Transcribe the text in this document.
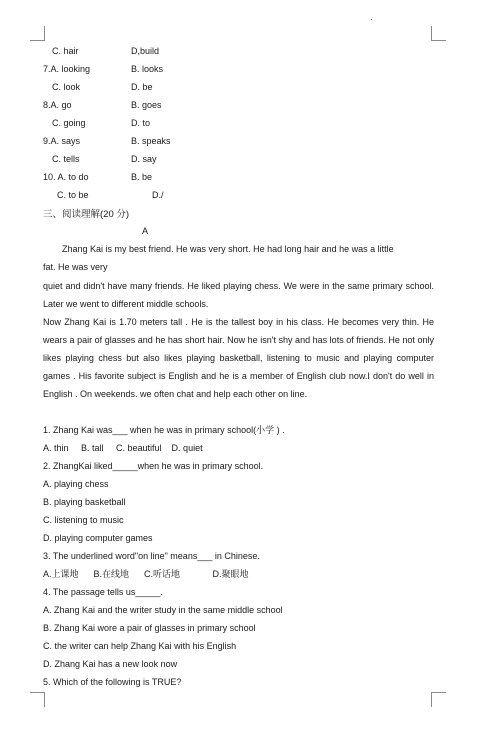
C. hair	D,build
7.A. looking	B. looks
C. look	D. be
8.A. go	B. goes
C. going	D. to
9.A. says	B. speaks
C. tells	D. say
10. A. to do	B. be
C. to be	D./
三、阅读理解(20 分)
A
Zhang Kai is my best friend. He was very short. He had long hair and he was a little
fat. He was very
quiet and didn't have many friends. He liked playing chess. We were in the same primary school. Later we went to different middle schools.
Now Zhang Kai is 1.70 meters tall . He is the tallest boy in his class. He becomes very thin. He wears a pair of glasses and he has short hair. Now he isn't shy and has lots of friends. He not only likes playing chess but also likes playing basketball, listening to music and playing computer games . His favorite subject is English and he is a member of English club now.I don't do well in English . On weekends. we often chat and help each other on line.
1. Zhang Kai was___ when he was in primary school(小学 ) .
A. thin     B. tall     C. beautiful    D. quiet
2. ZhangKai liked_____when he was in primary school.
A. playing chess
B. playing basketball
C. listening to music
D. playing computer games
3. The underlined word"on line" means___ in Chinese.
A.上课地      B.在线地      C.听话地             D.聚眼地
4. The passage tells us_____.
A. Zhang Kai and the writer study in the same middle school
B. Zhang Kai wore a pair of glasses in primary school
C. the writer can help Zhang Kai with his English
D. Zhang Kai has a new look now
5. Which of the following is TRUE?
